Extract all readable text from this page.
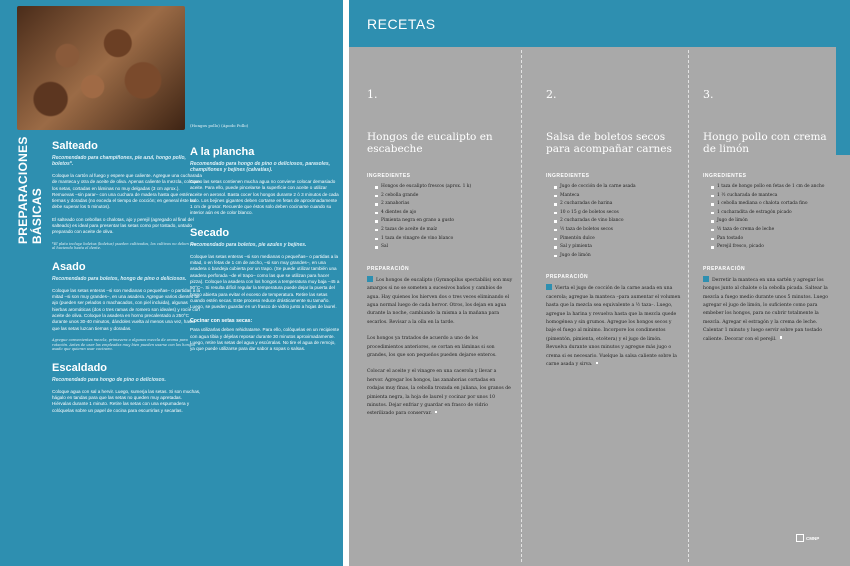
(Hongos pollo) (Apodo Pollo)
PREPARACIONES BÁSICAS
Salteado
Recomendado para champiñones, pie azul, hongo pollo, boletos*.

Coloque la cartón al fuego y espere que caliente. Agregue una cucharada de manteca y otra de aceite de oliva. Apenas caliente la mezcla, coloque los setas, cortadas en láminas no muy delgadas (3 cm aprox.). Remuevas –sin parar– con una cuchara de madera hasta que estén tiernas y doradas (no exceda el tiempo de cocción; en general éste no debe superar los 5 minutos).

El salteado con cebollas o chalotas, ajo y perejil (agregado al final del salteado) es ideal para presentar las setas como por tostado, untado preparado con aceite de oliva.

*El plato incluye boletus (boletus) pueden cultivados, los cultivos no deben usar al haciendo hasta el dente.

Asado
Recomendado para boletos, hongo de pino o deliciosos.

Coloque las setas enteras –si son medianas o pequeñas– o partidas a la mitad –si son muy grandes–, en una asadera. Agregue varios dientes de ajo (pueden ser pelados o machacados, con piel incluida), algunas hierbas aromáticas (dos o tres ramas de romero son ideales) y rocíe con aceite de oliva. Coloque la asadera en horno precalentado a 250°C durante unos 30-40 minutos, dándoles vuelta al menos una vez, hasta que las setas luzcan tiernas y doradas.

Agregue convenientes mezcla, primavera o algunos mezcla de aroma para rotación. Antes de usar las empleadas muy bien pueden usarse con los hongos asado que quieran usar cocinaro.

Escaldado
Recomendado para hongo de pino o deliciosos.

Coloque agua con sal a hervir. Luego, sumerja las setas. Si son muchas, hágalo en tandas para que las setas no queden muy apretadas. Hiérvalas durante 1 minuto. Retire las setas con una espumadera y colóquelas sobre un papel de cocina para escurrirlas y secarlas.

A la plancha
Recomendado para hongo de pino o deliciosos, parasoles, champiñones y bejines (calvatias).

Como las setas contienen mucha agua no conviene colocar demasiado aceite. Para ello, puede pincelarse la superficie con aceite o utilizar aceite en aerosol. Basta cocer los hongos durante 2 ó 3 minutos de cada lado. Los bejines gigantes deben cortarse en fetas de aproximadamente 1 cm de grosor. Recuerde que éstos solo deben cocinarse cuando su interior aún es de color blanco.

Secado
Recomendado para boletos, pie azules y bejines.

Coloque las setas enteras –si son medianas o pequeñas– o partidas a la mitad, o en fetas de 1 cm de ancho, –si son muy grandes–, en una asadera o bandeja cubierta por un trapo. (Se puede utilizar también una asadera perforada –de el trapo– como las que se utilizan para hacer pizza). Coloque la asadera con los hongos a temperatura muy baja –45 a 50°C–. Si resulta difícil regular la temperatura puede dejar la puerta del horno abierta para evitar el exceso de temperatura. Retire las setas cuando estén secas. Este proceso reduce drásticamente su tamaño. Luego, se pueden guardar en un frasco de vidrio junto a hojas de laurel.

Cocinar con setas secas:

Para utilizarlas deben rehidratarse. Para ello, colóquelas en un recipiente con agua tibia y déjelas reposar durante 30 minutos aproximadamente. Luego, retire las setas del agua y escúrralas. No tire el agua de remojo, ya que puede utilizarse para dar sabor a sopas o salsas.

RECETAS
1.
Hongos de eucalipto en escabeche
INGREDIENTES
Hongos de eucalipto frescos (aprox. 1 k)
2 cebolla grande
2 zanahorias
4 dientes de ajo
Pimienta negra en grano a gusto
2 tazas de aceite de maíz
1 taza de vinagre de vino blanco
Sal
PREPARACIÓN

Los hongos de eucalipto (Gymnopilus spectabilis) son muy amargos si no se someten a sucesivos baños y cambios de agua. Hay quienes los hierven dos o tres veces eliminando el agua normal luego de cada hervor. Otros, los dejan en agua durante la noche, cambiando la misma a la mañana para secarlos. Revisar a la olla en la tarde.

Los hongos ya tratados de acuerdo a uno de los procedimientos anteriores, se cortan en láminas si son grandes, los que son pequeños pueden dejarse enteros.

Colocar el aceite y el vinagre en una cacerola y llevar a hervor. Agregar los hongos, las zanahorias cortadas en rodajas muy finas, la cebolla trozada en juliana, los granos de pimienta negra, la hoja de laurel y cocinar por unos 10 minutos. Dejar enfriar y guardar en frasco de vidrio esterilizado para conservar.

2.
Salsa de boletos secos para acompañar carnes
INGREDIENTES
Jugo de cocción de la carne asada
Manteca
2 cucharadas de harina
10 o 15 g de boletos secos
2 cucharadas de vino blanco
½ taza de boletos secos
Pimentón dulce
Sal y pimienta
Jugo de limón
PREPARACIÓN

Vierta el jugo de cocción de la carne asada en una cacerola; agregue la manteca –para aumentar el volumen hasta que la mezcla sea equivalente a ½ taza–. Luego, agregue la harina y revuelva hasta que la mezcla quede homogénea y sin grumos. Agregue los hongos secos y baje el fuego al mínimo. Incorpore los condimentos (pimentón, pimienta, etcétera) y el jugo de limón. Revuelva durante unos minutos y agregue más jugo o crema si es necesario. Vuelque la salsa caliente sobre la carne asada y sirva.

3.
Hongo pollo con crema de limón
INGREDIENTES
1 taza de hongo pollo en fetas de 1 cm de ancho
1 ½ cucharada de manteca
1 cebolla mediana o chalota cortada fino
1 cucharadita de estragón picado
Jugo de limón
½ taza de crema de leche
Pan tostado
Perejil fresco, picado
PREPARACIÓN

Derretir la manteca en una sartén y agregar los hongos junto al chalote o la cebolla picada. Saltear la mezcla a fuego medio durante unos 5 minutos. Luego agregar el jugo de limón, lo suficiente como para embeber los hongos, para no cubrir totalmente la mezcla. Agregar el estragón y la crema de leche. Calentar 1 minuto y luego servir sobre pan tostado caliente. Decorar con el perejil.

CMNP
